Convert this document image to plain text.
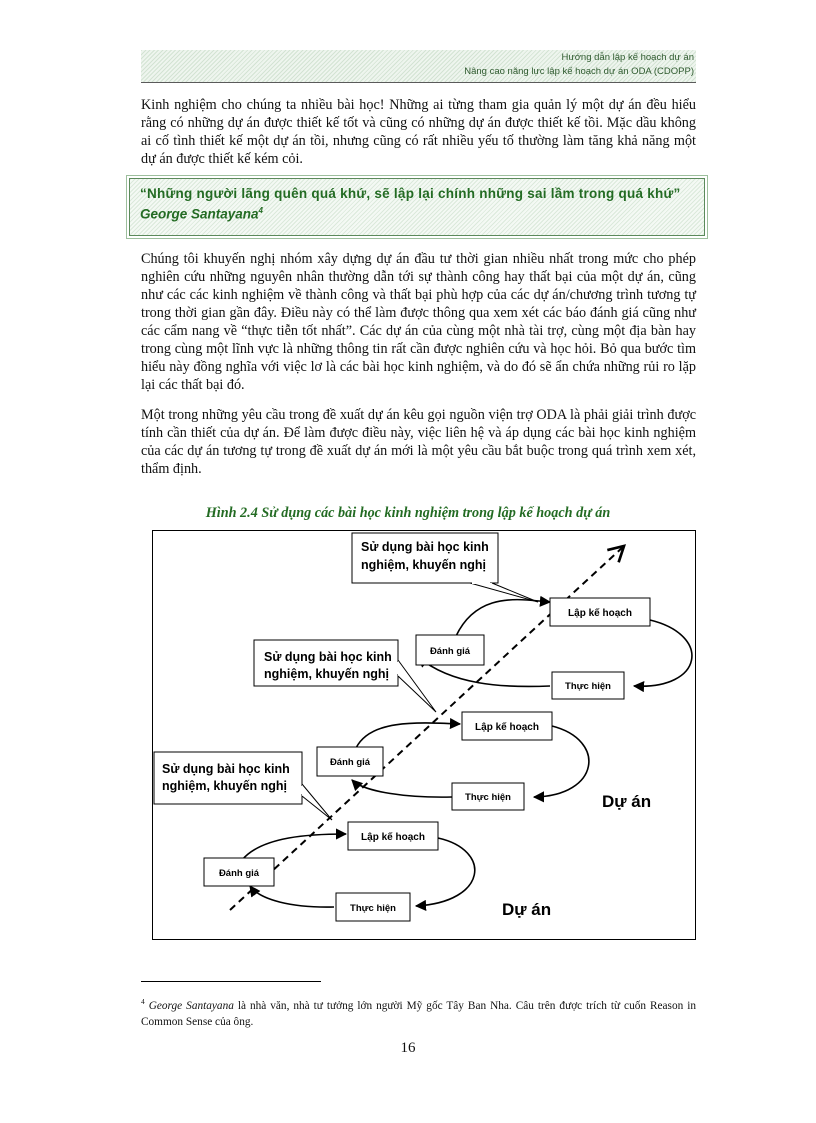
Hướng dẫn lập kế hoạch dự án
Nâng cao năng lực lập kế hoạch dự án ODA (CDOPP)

Kinh nghiệm cho chúng ta nhiều bài học! Những ai từng tham gia quản lý một dự án đều hiểu rằng có những dự án được thiết kế tốt và cũng có những dự án được thiết kế tồi. Mặc dầu không ai cố tình thiết kế một dự án tồi, nhưng cũng có rất nhiều yếu tố thường làm tăng khả năng một dự án được thiết kế kém cỏi.

“Những người lãng quên quá khứ, sẽ lập lại chính những sai lầm trong quá khứ”
George Santayana$^4$

Chúng tôi khuyến nghị nhóm xây dựng dự án đầu tư thời gian nhiều nhất trong mức cho phép nghiên cứu những nguyên nhân thường dẫn tới sự thành công hay thất bại của một dự án, cũng như các các kinh nghiệm về thành công và thất bại phù hợp của các dự án/chương trình tương tự trong thời gian gần đây. Điều này có thể làm được thông qua xem xét các báo đánh giá cũng như các cẩm nang về “thực tiễn tốt nhất”. Các dự án của cùng một nhà tài trợ, cùng một địa bàn hay trong cùng một lĩnh vực là những thông tin rất cần được nghiên cứu và học hỏi. Bỏ qua bước tìm hiểu này đồng nghĩa với việc lơ là các bài học kinh nghiệm, và do đó sẽ ẩn chứa những rủi ro lặp lại các thất bại đó.

Một trong những yêu cầu trong đề xuất dự án kêu gọi nguồn viện trợ ODA là phải giải trình được tính cần thiết của dự án. Để làm được điều này, việc liên hệ và áp dụng các bài học kinh nghiệm của các dự án tương tự trong đề xuất dự án mới là một yêu cầu bắt buộc trong quá trình xem xét, thẩm định.

Hình 2.4 Sử dụng các bài học kinh nghiệm trong lập kế hoạch dự án
Sử dụng bài học kinh
nghiệm, khuyến nghị
Sử dụng bài học kinh
nghiệm, khuyến nghị
Sử dụng bài học kinh
nghiệm, khuyến nghị
Lập kế hoạch
Đánh giá
Thực hiện
Lập kế hoạch
Đánh giá
Thực hiện	Dự án
Lập kế hoạch
Đánh giá
Thực hiện	Dự án

$^4$ George Santayana là nhà văn, nhà tư tưởng lớn người Mỹ gốc Tây Ban Nha. Câu trên được trích từ cuốn Reason in Common Sense của ông.

16
